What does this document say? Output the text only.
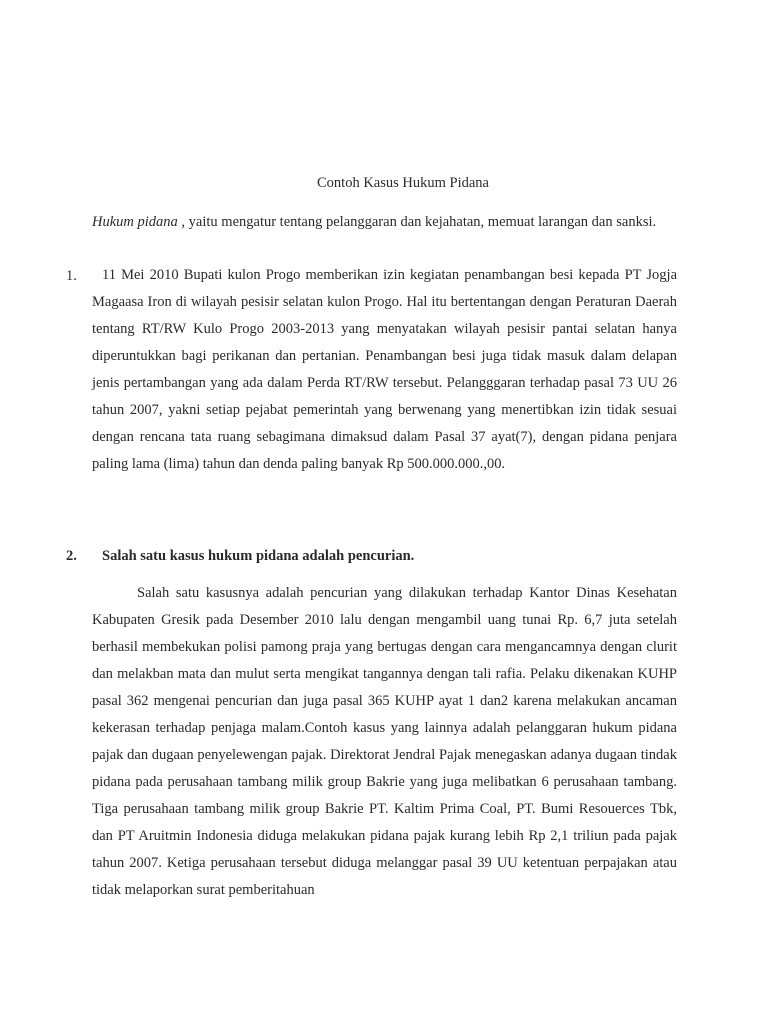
Contoh Kasus Hukum Pidana
Hukum pidana , yaitu mengatur tentang pelanggaran dan kejahatan, memuat larangan dan sanksi.
1.	11 Mei 2010 Bupati kulon Progo memberikan izin kegiatan penambangan besi kepada PT Jogja Magaasa Iron di wilayah pesisir selatan kulon Progo. Hal itu bertentangan dengan Peraturan Daerah tentang RT/RW Kulo Progo 2003-2013 yang menyatakan wilayah pesisir pantai selatan hanya diperuntukkan bagi perikanan dan pertanian. Penambangan besi juga tidak masuk dalam delapan jenis pertambangan yang ada dalam Perda RT/RW tersebut. Pelangggaran terhadap pasal 73 UU 26 tahun 2007, yakni setiap pejabat pemerintah yang berwenang yang menertibkan izin tidak sesuai dengan rencana tata ruang sebagimana dimaksud dalam Pasal 37 ayat(7), dengan pidana penjara paling lama (lima) tahun dan denda paling banyak Rp 500.000.000.,00.
2. Salah satu kasus hukum pidana adalah pencurian.
Salah satu kasusnya adalah pencurian yang dilakukan terhadap Kantor Dinas Kesehatan Kabupaten Gresik pada Desember 2010 lalu dengan mengambil uang tunai Rp. 6,7 juta setelah berhasil membekukan polisi pamong praja yang bertugas dengan cara mengancamnya dengan clurit dan melakban mata dan mulut serta mengikat tangannya dengan tali rafia. Pelaku dikenakan KUHP pasal 362 mengenai pencurian dan juga pasal 365 KUHP ayat 1 dan2 karena melakukan ancaman kekerasan terhadap penjaga malam.Contoh kasus yang lainnya adalah pelanggaran hukum pidana pajak dan dugaan penyelewengan pajak. Direktorat Jendral Pajak menegaskan adanya dugaan tindak pidana pada perusahaan tambang milik group Bakrie yang juga melibatkan 6 perusahaan tambang. Tiga perusahaan tambang milik group Bakrie PT. Kaltim Prima Coal, PT. Bumi Resouerces Tbk, dan PT Aruitmin Indonesia diduga melakukan pidana pajak kurang lebih Rp 2,1 triliun pada pajak tahun 2007. Ketiga perusahaan tersebut diduga melanggar pasal 39 UU ketentuan perpajakan atau tidak melaporkan surat pemberitahuan
